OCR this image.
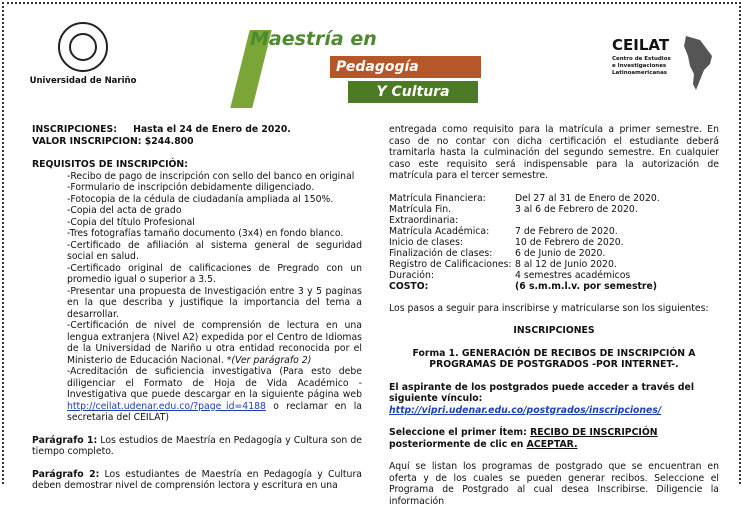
Universidad de Nariño
Maestría en
Pedagogía
Y Cultura
CEILAT
Centro de Estudios
e Investigaciones
Latinoamericanas
INSCRIPCIONES: Hasta el 24 de Enero de 2020.
VALOR INSCRIPCION: $244.800
REQUISITOS DE INSCRIPCIÓN:
-Recibo de pago de inscripción con sello del banco en original
-Formulario de inscripción debidamente diligenciado.
-Fotocopia de la cédula de ciudadanía ampliada al 150%.
-Copia del acta de grado
-Copia del título Profesional
-Tres fotografías tamaño documento (3x4) en fondo blanco.
-Certificado de afiliación al sistema general de seguridad social en salud.
-Certificado original de calificaciones de Pregrado con un promedio igual o superior a 3.5.
-Presentar una propuesta de Investigación entre 3 y 5 paginas en la que describa y justifique la importancia del tema a desarrollar.
-Certificación de nivel de comprensión de lectura en una lengua extranjera (Nivel A2) expedida por el Centro de Idiomas de la Universidad de Nariño u otra entidad reconocida por el Ministerio de Educación Nacional. *(Ver parágrafo 2)
-Acreditación de suficiencia investigativa (Para esto debe diligenciar el Formato de Hoja de Vida Académico - Investigativa que puede descargar en la siguiente página web http://ceilat.udenar.edu.co/?page_id=4188 o reclamar en la secretaria del CEILAT)
Parágrafo 1: Los estudios de Maestría en Pedagogía y Cultura son de tiempo completo.
Parágrafo 2: Los estudiantes de Maestría en Pedagogía y Cultura deben demostrar nivel de comprensión lectora y escritura en una
entregada como requisito para la matrícula a primer semestre. En caso de no contar con dicha certificación el estudiante deberá tramitarla hasta la culminación del segundo semestre. En cualquier caso este requisito será indispensable para la autorización de matrícula para el tercer semestre.
Matrícula Financiera:	Del 27 al 31 de Enero de 2020.
Matrícula Fin. Extraordinaria:	3 al 6 de Febrero de 2020.
Matrícula Académica:	7 de Febrero de 2020.
Inicio de clases:	10 de Febrero de 2020.
Finalización de clases:	6 de Junio de 2020.
Registro de Calificaciones:	8 al 12 de Junio 2020.
Duración:	4 semestres académicos
COSTO:	(6 s.m.m.l.v. por semestre)
Los pasos a seguir para inscribirse y matricularse son los siguientes:
INSCRIPCIONES
Forma 1. GENERACIÓN DE RECIBOS DE INSCRIPCIÓN A PROGRAMAS DE POSTGRADOS -POR INTERNET-.
El aspirante de los postgrados puede acceder a través del siguiente vínculo:
http://vipri.udenar.edu.co/postgrados/inscripciones/
Seleccione el primer Ítem: RECIBO DE INSCRIPCIÓN posteriormente de clic en ACEPTAR.
Aquí se listan los programas de postgrado que se encuentran en oferta y de los cuales se pueden generar recibos. Seleccione el Programa de Postgrado al cual desea Inscribirse. Diligencie la información
